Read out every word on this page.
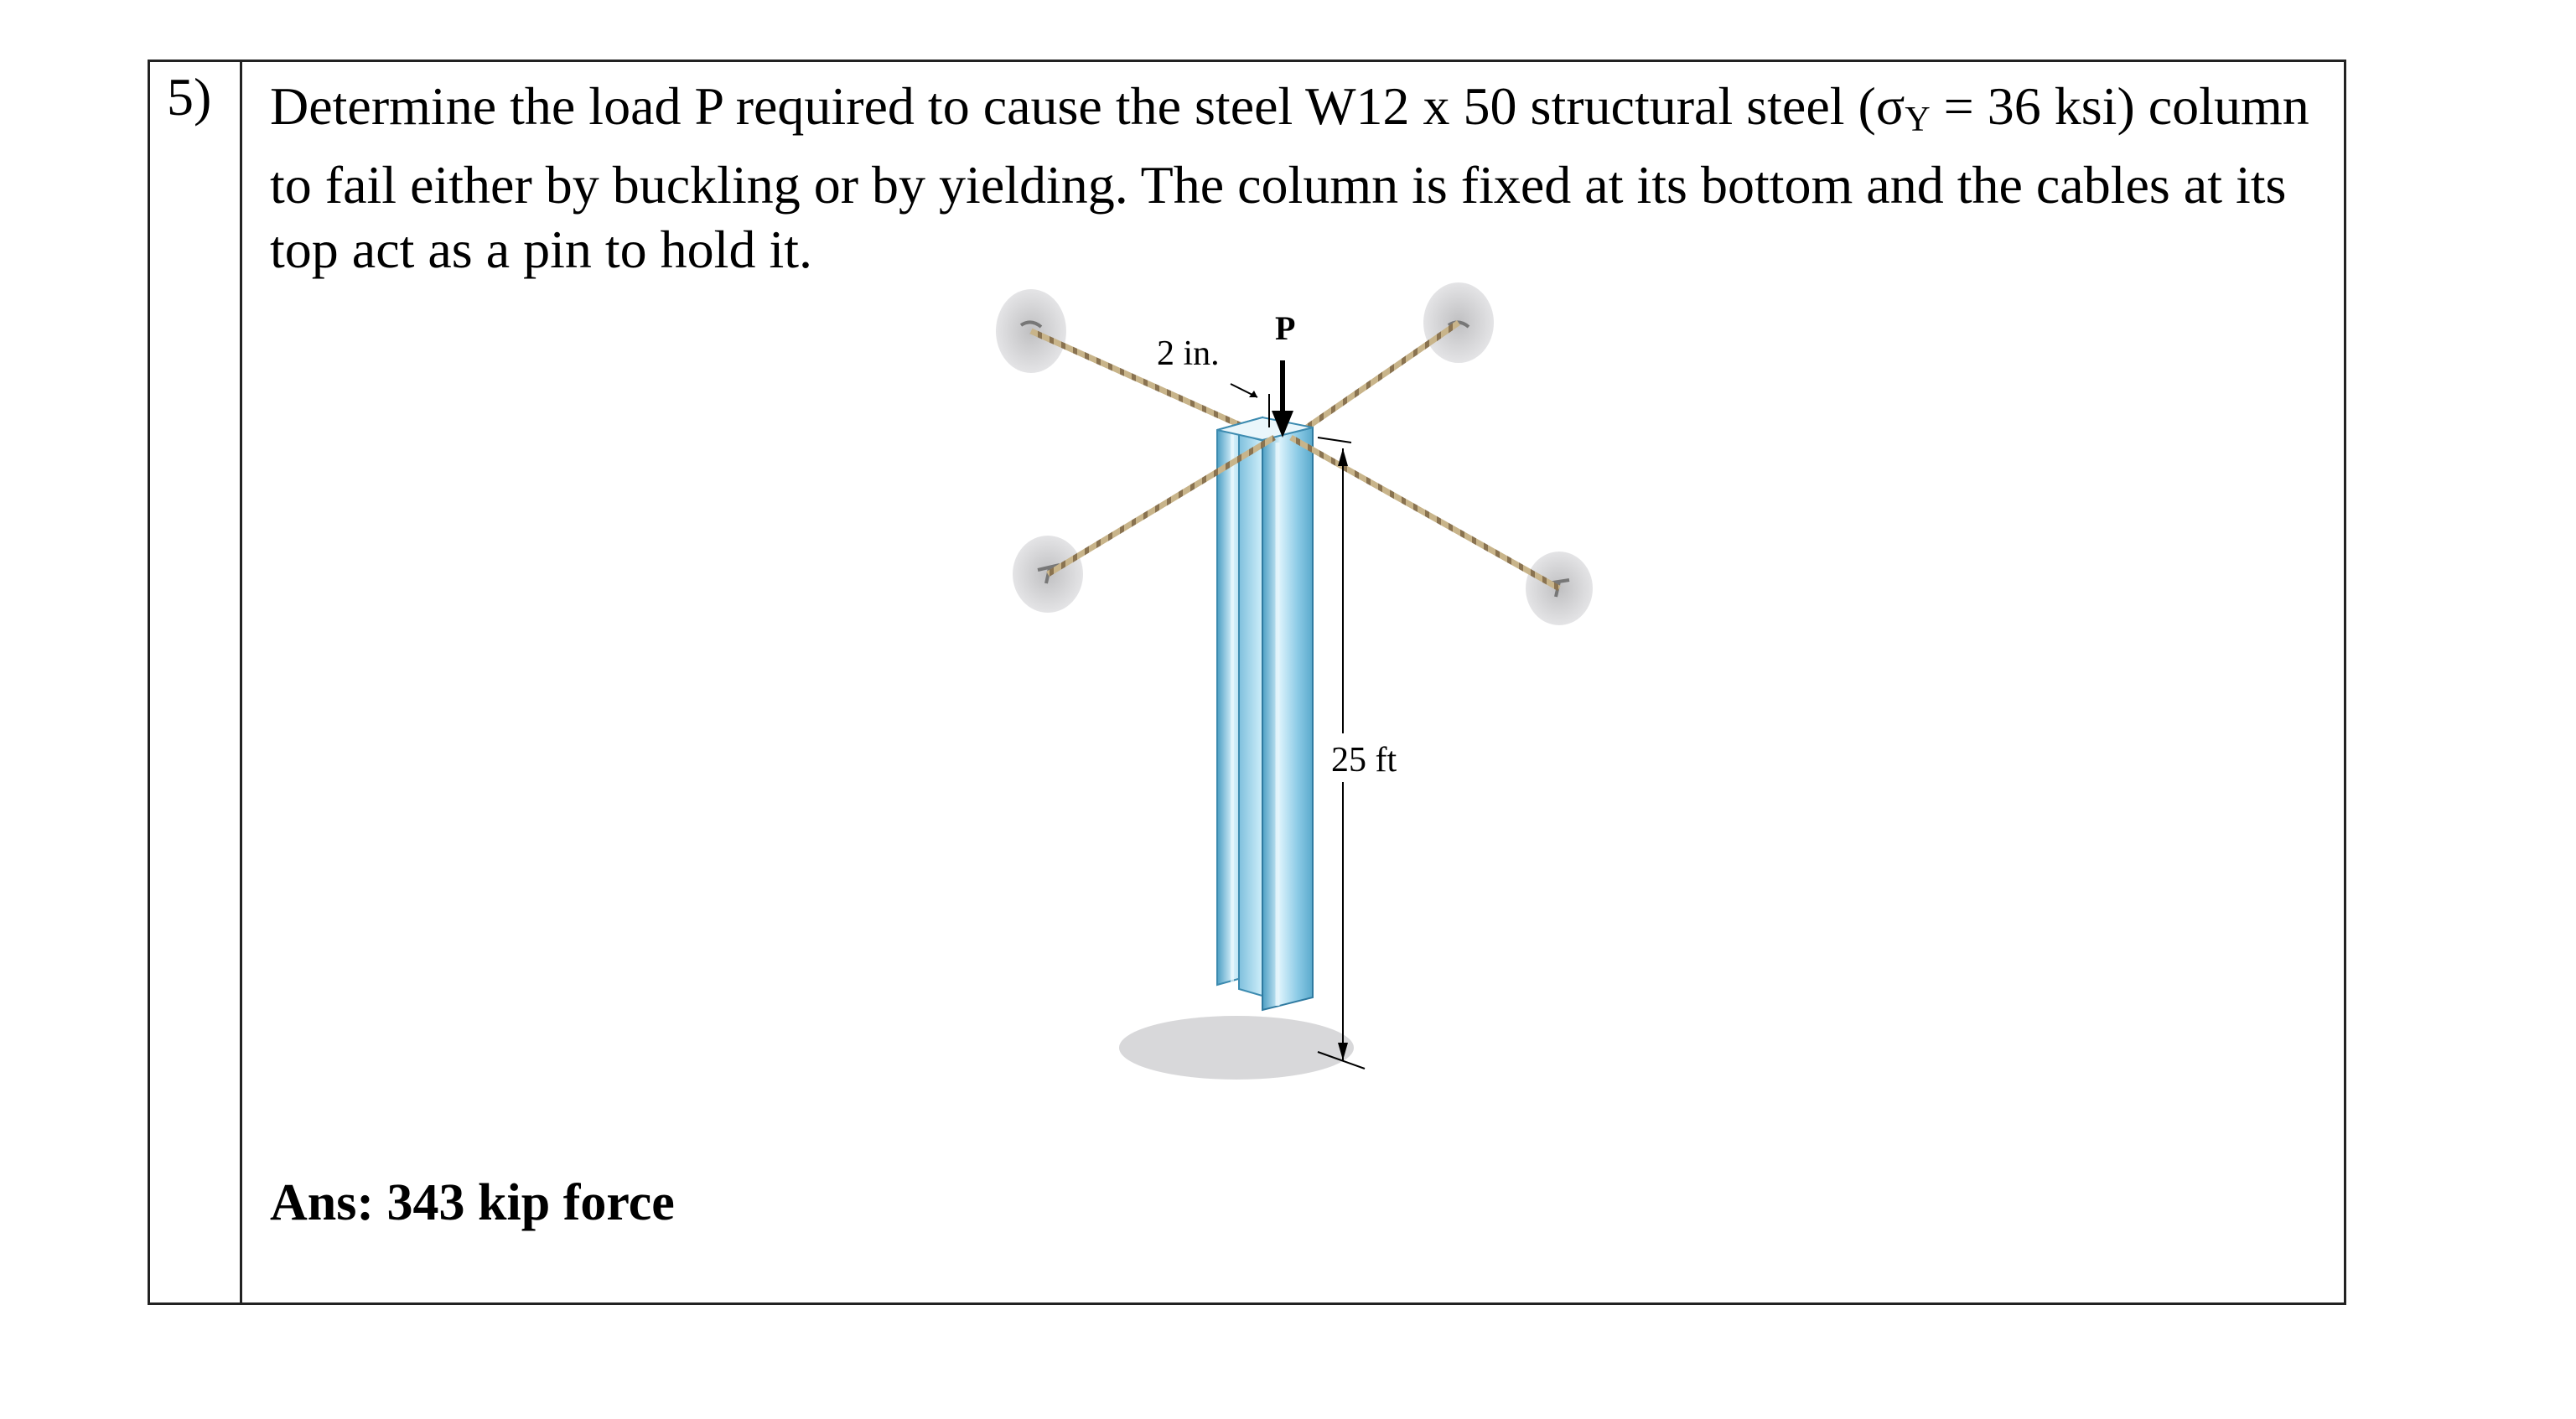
5) Determine the load P required to cause the steel W12 x 50 structural steel (σY = 36 ksi) column to fail either by buckling or by yielding. The column is fixed at its bottom and the cables at its top act as a pin to hold it.
Ans: 343 kip force
P
2 in.
25 ft
